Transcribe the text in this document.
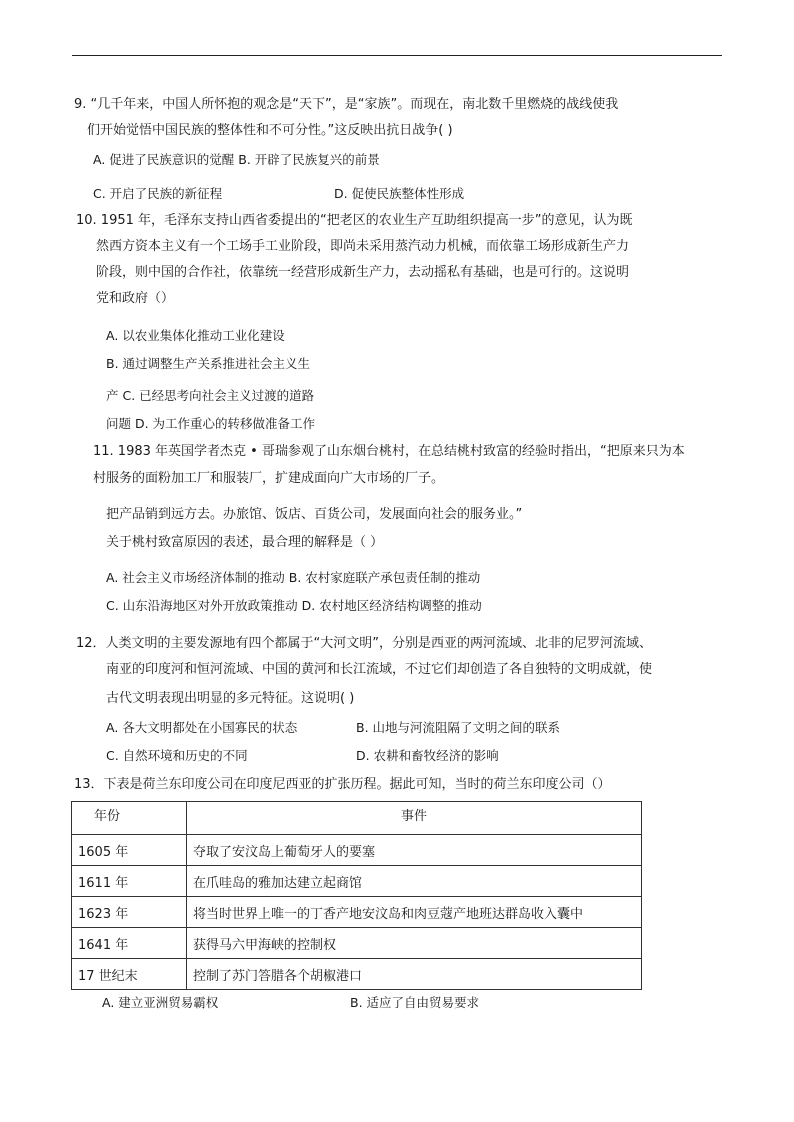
9. “几千年来，中国人所怀抱的观念是“天下”，是“家族”。而现在，南北数千里燃烧的战线使我
们开始觉悟中国民族的整体性和不可分性。”这反映出抗日战争( )
A. 促进了民族意识的觉醒 B. 开辟了民族复兴的前景
C. 开启了民族的新征程	D. 促使民族整体性形成
10. 1951 年，毛泽东支持山西省委提出的“把老区的农业生产互助组织提高一步”的意见，认为既
然西方资本主义有一个工场手工业阶段，即尚未采用蒸汽动力机械，而依靠工场形成新生产力
阶段，则中国的合作社，依靠统一经营形成新生产力，去动摇私有基础，也是可行的。这说明
党和政府（）
A. 以农业集体化推动工业化建设
B. 通过调整生产关系推进社会主义生
产 C. 已经思考向社会主义过渡的道路
问题 D. 为工作重心的转移做准备工作
11. 1983 年英国学者杰克 • 哥瑞参观了山东烟台桃村，在总结桃村致富的经验时指出，“把原来只为本
村服务的面粉加工厂和服装厂，扩建成面向广大市场的厂子。
把产品销到远方去。办旅馆、饭店、百货公司，发展面向社会的服务业。”
关于桃村致富原因的表述，最合理的解释是（ ）
A. 社会主义市场经济体制的推动 B. 农村家庭联产承包责任制的推动
C. 山东沿海地区对外开放政策推动 D. 农村地区经济结构调整的推动
12．人类文明的主要发源地有四个都属于“大河文明”，分别是西亚的两河流域、北非的尼罗河流域、
南亚的印度河和恒河流域、中国的黄河和长江流域，不过它们却创造了各自独特的文明成就，使
古代文明表现出明显的多元特征。这说明( )
A. 各大文明都处在小国寡民的状态	B. 山地与河流阻隔了文明之间的联系
C. 自然环境和历史的不同	D. 农耕和畜牧经济的影响
13．下表是荷兰东印度公司在印度尼西亚的扩张历程。据此可知，当时的荷兰东印度公司（）
年份	事件
1605 年	夺取了安汶岛上葡萄牙人的要塞
1611 年	在爪哇岛的雅加达建立起商馆
1623 年	将当时世界上唯一的丁香产地安汶岛和肉豆蔻产地班达群岛收入囊中
1641 年	获得马六甲海峡的控制权
17 世纪末	控制了苏门答腊各个胡椒港口
A. 建立亚洲贸易霸权	B. 适应了自由贸易要求
